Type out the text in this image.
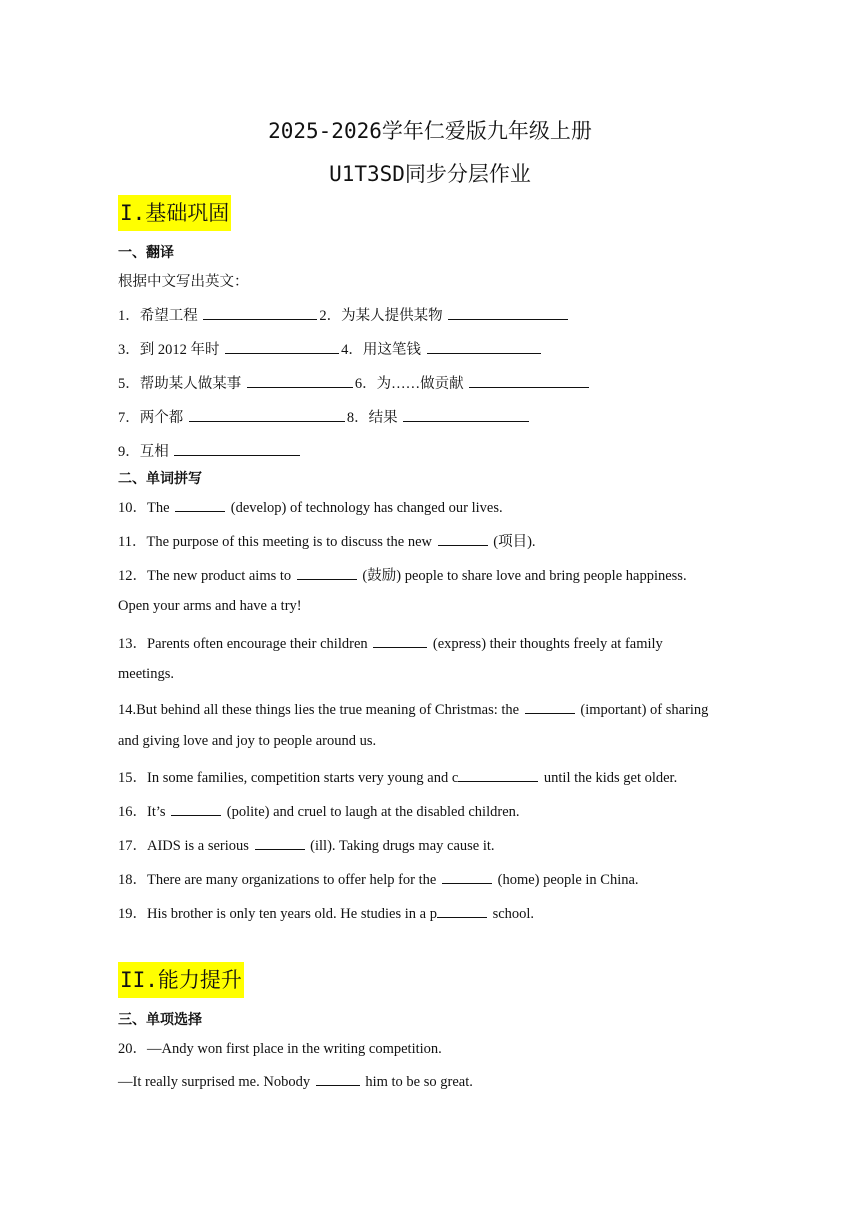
2025-2026学年仁爱版九年级上册
U1T3SD同步分层作业
I.基础巩固
一、翻译
根据中文写出英文：
1．希望工程	2．为某人提供某物
3．到 2012 年时	4．用这笔钱
5．帮助某人做某事	6．为……做贡献
7．两个都	8．结果
9．互相
二、单词拼写
10．The	(develop) of technology has changed our lives.
11．The purpose of this meeting is to discuss the new	(项目).
12．The new product aims to	(鼓励) people to share love and bring people happiness.
Open your arms and have a try!
13．Parents often encourage their children	(express) their thoughts freely at family
meetings.
14.But behind all these things lies the true meaning of Christmas: the	(important) of sharing
and giving love and joy to people around us.
15．In some families, competition starts very young and c	until the kids get older.
16．It’s	(polite) and cruel to laugh at the disabled children.
17．AIDS is a serious	(ill). Taking drugs may cause it.
18．There are many organizations to offer help for the	(home) people in China.
19．His brother is only ten years old. He studies in a p	school.
II.能力提升
三、单项选择
20．—Andy won first place in the writing competition.
—It really surprised me. Nobody	him to be so great.
